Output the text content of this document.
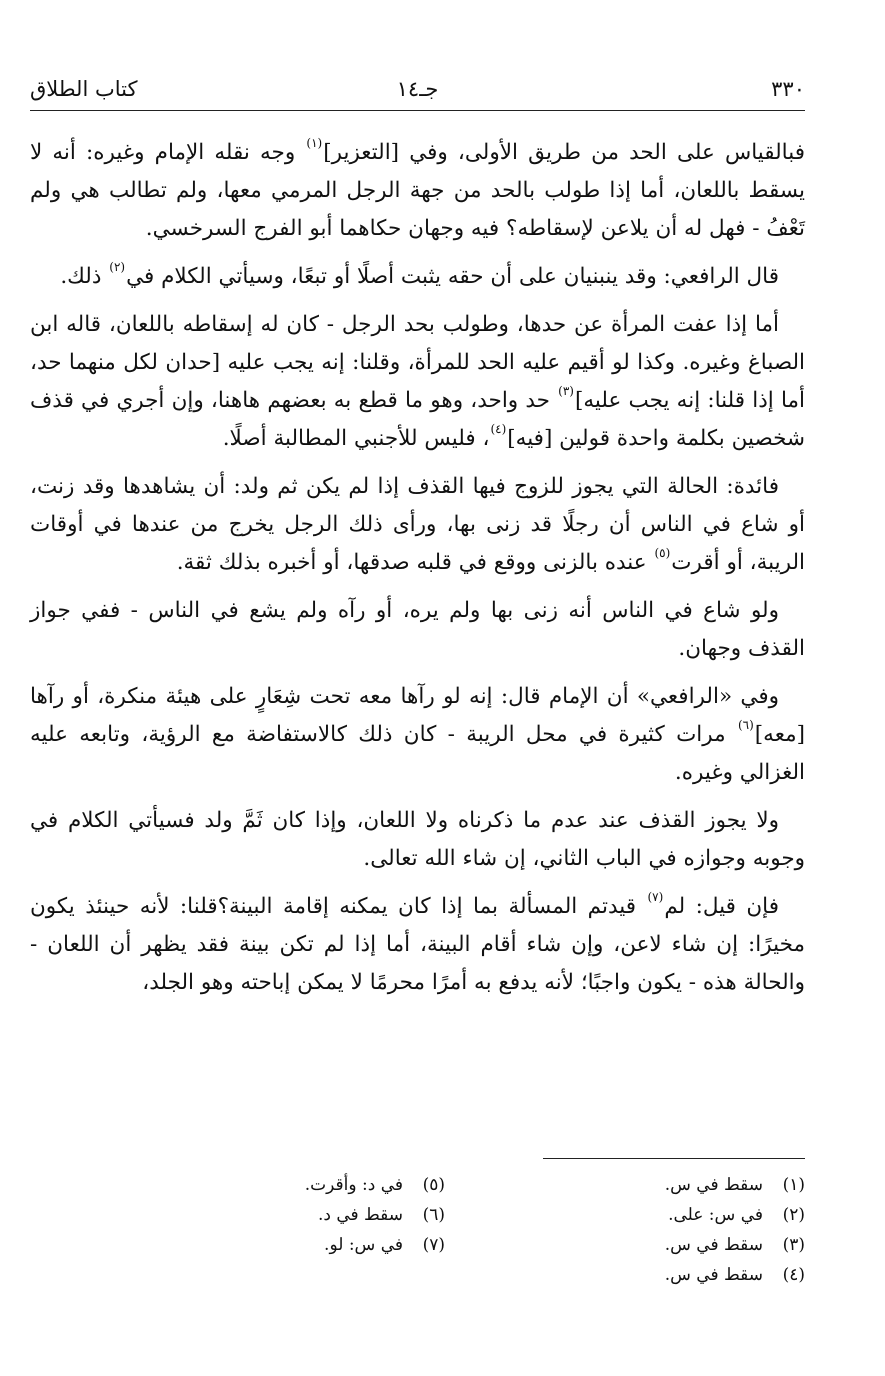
٣٣٠
جـ١٤
كتاب الطلاق

فبالقياس على الحد من طريق الأولى، وفي [التعزير]$^{(١)}$ وجه نقله الإمام وغيره: أنه لا يسقط باللعان، أما إذا طولب بالحد من جهة الرجل المرمي معها، ولم تطالب هي ولم تَعْفُ - فهل له أن يلاعن لإسقاطه؟ فيه وجهان حكاهما أبو الفرج السرخسي.

قال الرافعي: وقد ينبنيان على أن حقه يثبت أصلًا أو تبعًا، وسيأتي الكلام في$^{(٢)}$ ذلك.

أما إذا عفت المرأة عن حدها، وطولب بحد الرجل - كان له إسقاطه باللعان، قاله ابن الصباغ وغيره. وكذا لو أقيم عليه الحد للمرأة، وقلنا: إنه يجب عليه [حدان لكل منهما حد، أما إذا قلنا: إنه يجب عليه]$^{(٣)}$ حد واحد، وهو ما قطع به بعضهم هاهنا، وإن أجري في قذف شخصين بكلمة واحدة قولين [فيه]$^{(٤)}$، فليس للأجنبي المطالبة أصلًا.

فائدة: الحالة التي يجوز للزوج فيها القذف إذا لم يكن ثم ولد: أن يشاهدها وقد زنت، أو شاع في الناس أن رجلًا قد زنى بها، ورأى ذلك الرجل يخرج من عندها في أوقات الريبة، أو أقرت$^{(٥)}$ عنده بالزنى ووقع في قلبه صدقها، أو أخبره بذلك ثقة.

ولو شاع في الناس أنه زنى بها ولم يره، أو رآه ولم يشع في الناس - ففي جواز القذف وجهان.

وفي «الرافعي» أن الإمام قال: إنه لو رآها معه تحت شِعَارٍ على هيئة منكرة، أو رآها [معه]$^{(٦)}$ مرات كثيرة في محل الريبة - كان ذلك كالاستفاضة مع الرؤية، وتابعه عليه الغزالي وغيره.

ولا يجوز القذف عند عدم ما ذكرناه ولا اللعان، وإذا كان ثَمَّ ولد فسيأتي الكلام في وجوبه وجوازه في الباب الثاني، إن شاء الله تعالى.

فإن قيل: لم$^{(٧)}$ قيدتم المسألة بما إذا كان يمكنه إقامة البينة؟قلنا: لأنه حينئذ يكون مخيرًا: إن شاء لاعن، وإن شاء أقام البينة، أما إذا لم تكن بينة فقد يظهر أن اللعان - والحالة هذه - يكون واجبًا؛ لأنه يدفع به أمرًا محرمًا لا يمكن إباحته وهو الجلد،

(١)سقط في س.
(٢)في س: على.
(٣)سقط في س.
(٤)سقط في س.
(٥)في د: وأقرت.
(٦)سقط في د.
(٧)في س: لو.
